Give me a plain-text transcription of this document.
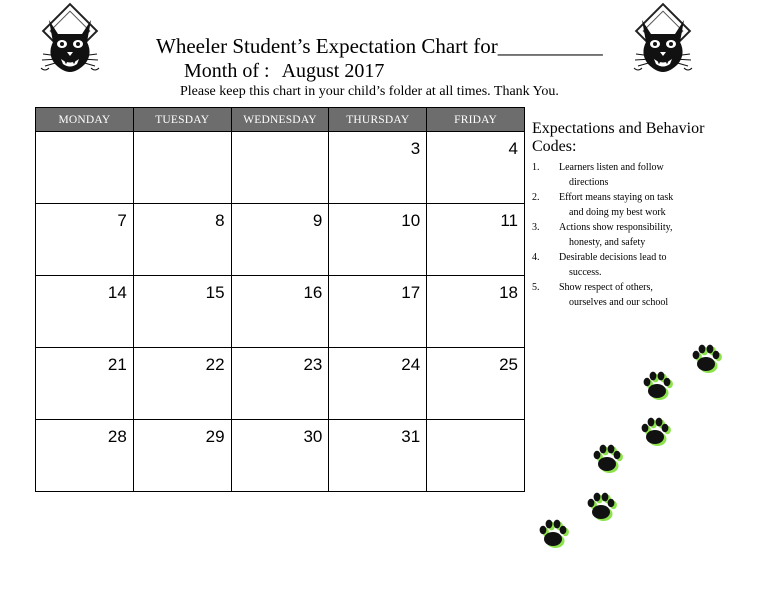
Wheeler Student’s Expectation Chart for__________
Month of : August 2017
Please keep this chart in your child’s folder at all times. Thank You.
MONDAY	TUESDAY	WEDNESDAY	THURSDAY	FRIDAY

			3	4

7	8	9	10	11

14	15	16	17	18

21	22	23	24	25

28	29	30	31	

Expectations and Behavior
Codes:
1. Learners listen and follow
directions
2. Effort means staying on task
and doing my best work
3. Actions show responsibility,
honesty, and safety
4. Desirable decisions lead to
success.
5. Show respect of others,
ourselves and our school
